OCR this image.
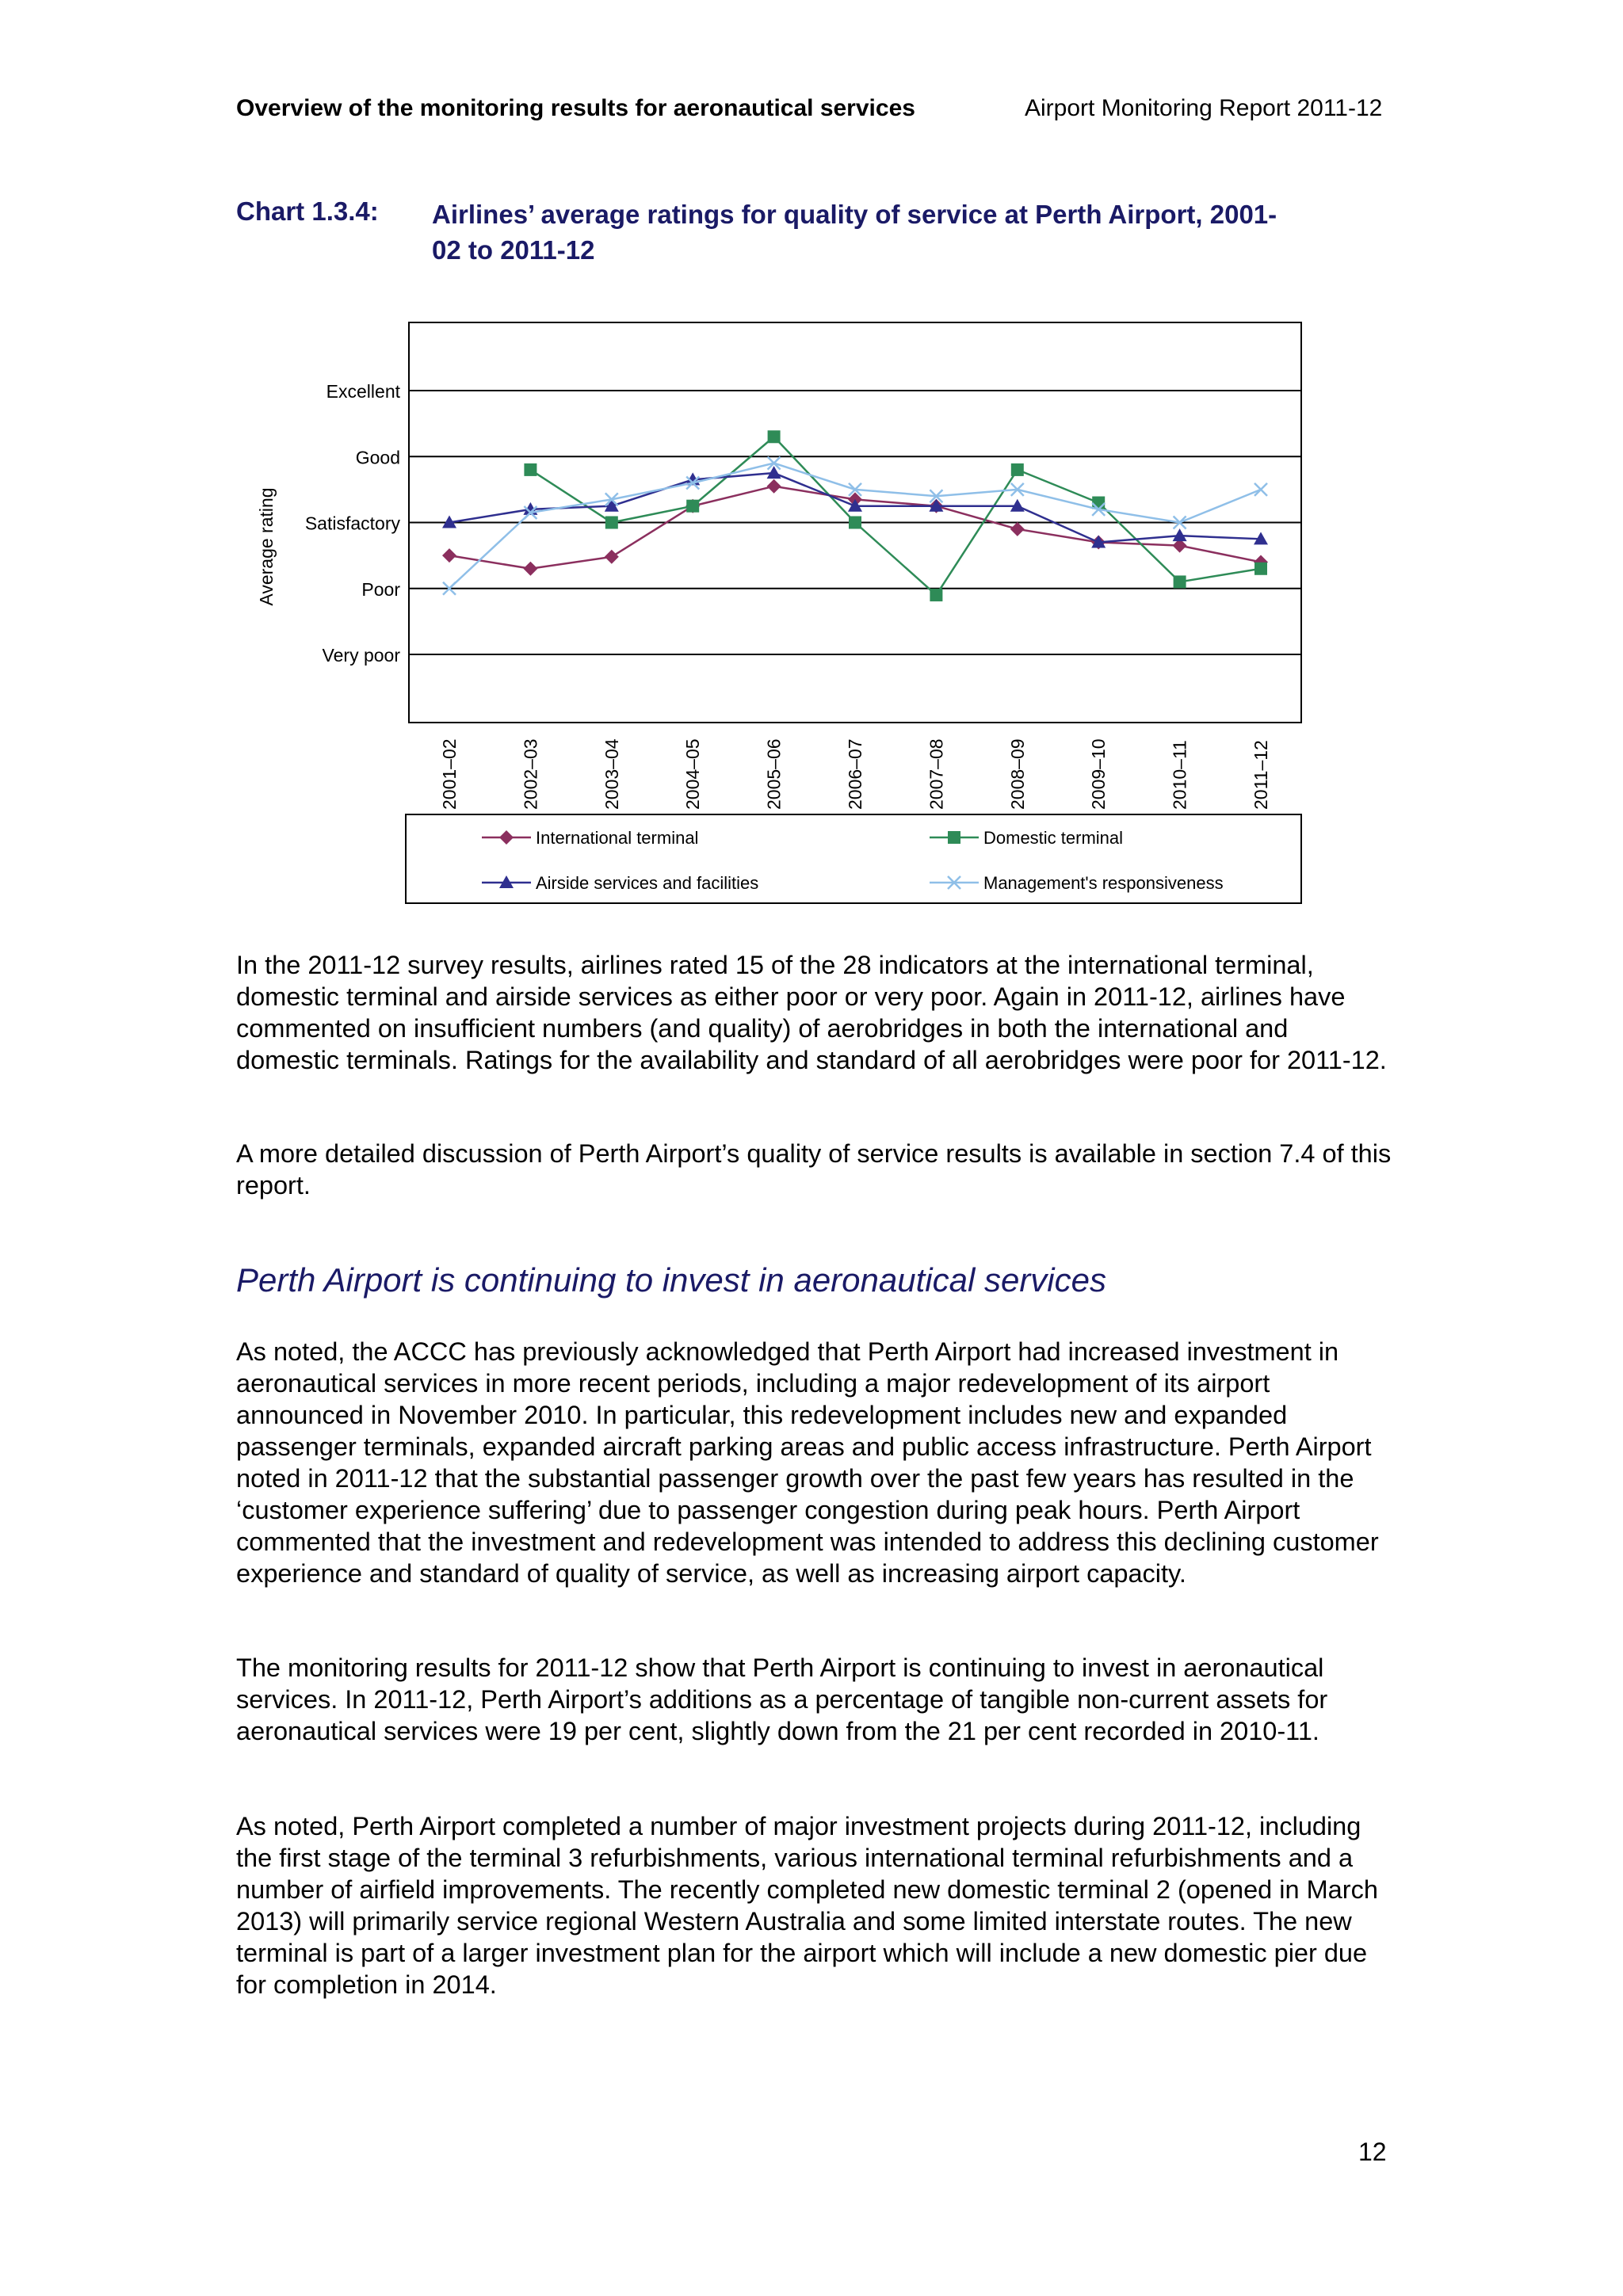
Overview of the monitoring results for aeronautical services	Airport Monitoring Report 2011-12
Chart 1.3.4: Airlines’ average ratings for quality of service at Perth Airport, 2001-02 to 2011-12
Very poor
Poor
Satisfactory
Good
Excellent
Average rating
2001–02	2002–03	2003–04	2004–05	2005–06	2006–07	2007–08	2008–09	2009–10	2010–11	2011–12
International terminal	Domestic terminal
Airside services and facilities	Management's responsiveness
In the 2011-12 survey results, airlines rated 15 of the 28 indicators at the international terminal, domestic terminal and airside services as either poor or very poor. Again in 2011-12, airlines have commented on insufficient numbers (and quality) of aerobridges in both the international and domestic terminals. Ratings for the availability and standard of all aerobridges were poor for 2011-12.
A more detailed discussion of Perth Airport’s quality of service results is available in section 7.4 of this report.
Perth Airport is continuing to invest in aeronautical services
As noted, the ACCC has previously acknowledged that Perth Airport had increased investment in aeronautical services in more recent periods, including a major redevelopment of its airport announced in November 2010. In particular, this redevelopment includes new and expanded passenger terminals, expanded aircraft parking areas and public access infrastructure. Perth Airport noted in 2011-12 that the substantial passenger growth over the past few years has resulted in the ‘customer experience suffering’ due to passenger congestion during peak hours. Perth Airport commented that the investment and redevelopment was intended to address this declining customer experience and standard of quality of service, as well as increasing airport capacity.
The monitoring results for 2011-12 show that Perth Airport is continuing to invest in aeronautical services. In 2011-12, Perth Airport’s additions as a percentage of tangible non-current assets for aeronautical services were 19 per cent, slightly down from the 21 per cent recorded in 2010-11.
As noted, Perth Airport completed a number of major investment projects during 2011-12, including the first stage of the terminal 3 refurbishments, various international terminal refurbishments and a number of airfield improvements. The recently completed new domestic terminal 2 (opened in March 2013) will primarily service regional Western Australia and some limited interstate routes. The new terminal is part of a larger investment plan for the airport which will include a new domestic pier due for completion in 2014.
12
